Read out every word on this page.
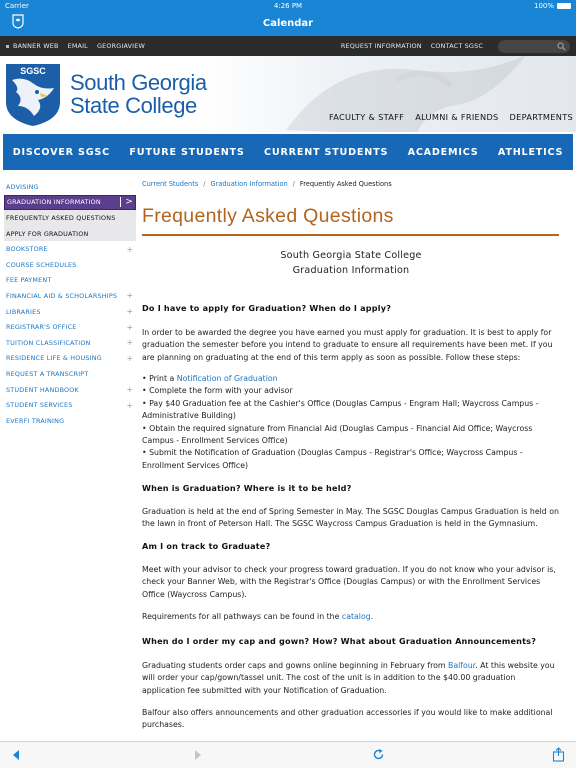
Carrier	4:26 PM	100%
Calendar
BANNER WEB EMAIL GEORGIAVIEW	REQUEST INFORMATION CONTACT SGSC
SGSC South Georgia
State College	FACULTY & STAFF ALUMNI & FRIENDS DEPARTMENTS
DISCOVER SGSC FUTURE STUDENTS CURRENT STUDENTS ACADEMICS ATHLETICS
ADVISING
GRADUATION INFORMATION	>
FREQUENTLY ASKED QUESTIONS
APPLY FOR GRADUATION
BOOKSTORE	+
COURSE SCHEDULES
FEE PAYMENT
FINANCIAL AID & SCHOLARSHIPS +
LIBRARIES	+
REGISTRAR'S OFFICE	+
TUITION CLASSIFICATION	+
RESIDENCE LIFE & HOUSING	+
REQUEST A TRANSCRIPT
STUDENT HANDBOOK	+
STUDENT SERVICES	+
EVERFI TRAINING
Current Students / Graduation Information / Frequently Asked Questions
Frequently Asked Questions
South Georgia State College
Graduation Information
Do I have to apply for Graduation? When do I apply?
In order to be awarded the degree you have earned you must apply for graduation. It is best to apply for graduation the semester before you intend to graduate to ensure all requirements have been met. If you are planning on graduating at the end of this term apply as soon as possible. Follow these steps:
• Print a Notification of Graduation
• Complete the form with your advisor
• Pay $40 Graduation fee at the Cashier's Office (Douglas Campus - Engram Hall; Waycross Campus - Administrative Building)
• Obtain the required signature from Financial Aid (Douglas Campus - Financial Aid Office; Waycross Campus - Enrollment Services Office)
• Submit the Notification of Graduation (Douglas Campus - Registrar's Office; Waycross Campus - Enrollment Services Office)
When is Graduation? Where is it to be held?
Graduation is held at the end of Spring Semester in May. The SGSC Douglas Campus Graduation is held on the lawn in front of Peterson Hall. The SGSC Waycross Campus Graduation is held in the Gymnasium.
Am I on track to Graduate?
Meet with your advisor to check your progress toward graduation. If you do not know who your advisor is, check your Banner Web, with the Registrar's Office (Douglas Campus) or with the Enrollment Services Office (Waycross Campus).
Requirements for all pathways can be found in the catalog.
When do I order my cap and gown? How? What about Graduation Announcements?
Graduating students order caps and gowns online beginning in February from Balfour. At this website you will order your cap/gown/tassel unit. The cost of the unit is in addition to the $40.00 graduation application fee submitted with your Notification of Graduation.
Balfour also offers announcements and other graduation accessories if you would like to make additional purchases.
